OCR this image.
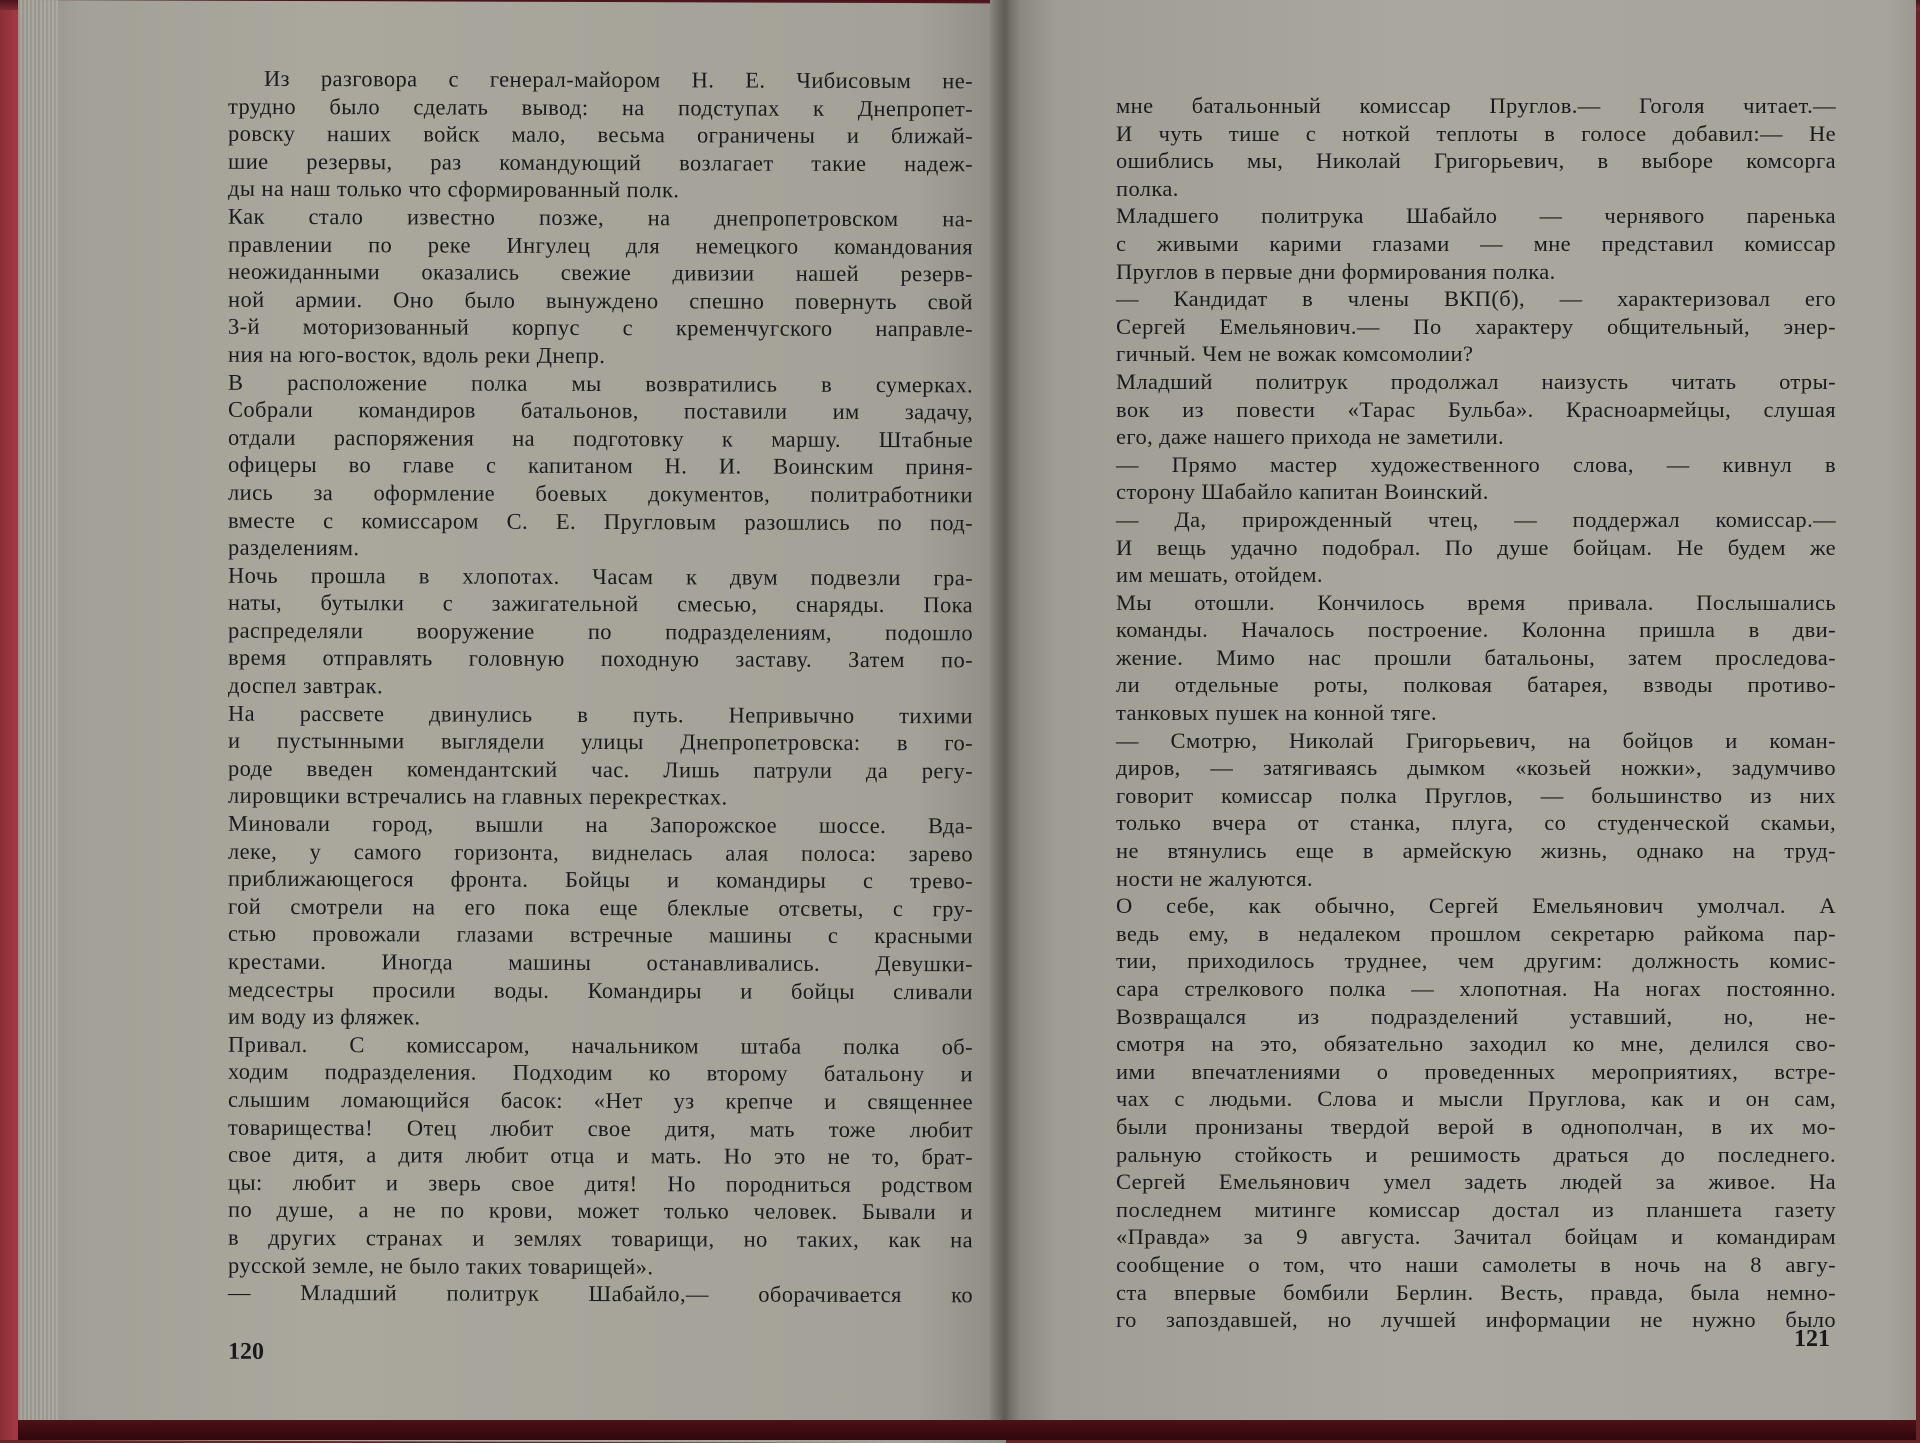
Из разговора с генерал-майором Н. Е. Чибисовым не-

трудно было сделать вывод: на подступах к Днепропет-

ровску наших войск мало, весьма ограничены и ближай-

шие резервы, раз командующий возлагает такие надеж-

ды на наш только что сформированный полк.

Как стало известно позже, на днепропетровском на-

правлении по реке Ингулец для немецкого командования

неожиданными оказались свежие дивизии нашей резерв-

ной армии. Оно было вынуждено спешно повернуть свой

3-й моторизованный корпус с кременчугского направле-

ния на юго-восток, вдоль реки Днепр.

В расположение полка мы возвратились в сумерках.

Собрали командиров батальонов, поставили им задачу,

отдали распоряжения на подготовку к маршу. Штабные

офицеры во главе с капитаном Н. И. Воинским приня-

лись за оформление боевых документов, политработники

вместе с комиссаром С. Е. Пругловым разошлись по под-

разделениям.

Ночь прошла в хлопотах. Часам к двум подвезли гра-

наты, бутылки с зажигательной смесью, снаряды. Пока

распределяли вооружение по подразделениям, подошло

время отправлять головную походную заставу. Затем по-

доспел завтрак.

На рассвете двинулись в путь. Непривычно тихими

и пустынными выглядели улицы Днепропетровска: в го-

роде введен комендантский час. Лишь патрули да регу-

лировщики встречались на главных перекрестках.

Миновали город, вышли на Запорожское шоссе. Вда-

леке, у самого горизонта, виднелась алая полоса: зарево

приближающегося фронта. Бойцы и командиры с трево-

гой смотрели на его пока еще блеклые отсветы, с гру-

стью провожали глазами встречные машины с красными

крестами. Иногда машины останавливались. Девушки-

медсестры просили воды. Командиры и бойцы сливали

им воду из фляжек.

Привал. С комиссаром, начальником штаба полка об-

ходим подразделения. Подходим ко второму батальону и

слышим ломающийся басок: «Нет уз крепче и священнее

товарищества! Отец любит свое дитя, мать тоже любит

свое дитя, а дитя любит отца и мать. Но это не то, брат-

цы: любит и зверь свое дитя! Но породниться родством

по душе, а не по крови, может только человек. Бывали и

в других странах и землях товарищи, но таких, как на

русской земле, не было таких товарищей».

— Младший политрук Шабайло,— оборачивается ко

120

мне батальонный комиссар Пруглов.— Гоголя читает.—

И чуть тише с ноткой теплоты в голосе добавил:— Не

ошиблись мы, Николай Григорьевич, в выборе комсорга

полка.

Младшего политрука Шабайло — чернявого паренька

с живыми карими глазами — мне представил комиссар

Пруглов в первые дни формирования полка.

— Кандидат в члены ВКП(б), — характеризовал его

Сергей Емельянович.— По характеру общительный, энер-

гичный. Чем не вожак комсомолии?

Младший политрук продолжал наизусть читать отры-

вок из повести «Тарас Бульба». Красноармейцы, слушая

его, даже нашего прихода не заметили.

— Прямо мастер художественного слова, — кивнул в

сторону Шабайло капитан Воинский.

— Да, прирожденный чтец, — поддержал комиссар.—

И вещь удачно подобрал. По душе бойцам. Не будем же

им мешать, отойдем.

Мы отошли. Кончилось время привала. Послышались

команды. Началось построение. Колонна пришла в дви-

жение. Мимо нас прошли батальоны, затем проследова-

ли отдельные роты, полковая батарея, взводы противо-

танковых пушек на конной тяге.

— Смотрю, Николай Григорьевич, на бойцов и коман-

диров, — затягиваясь дымком «козьей ножки», задумчиво

говорит комиссар полка Пруглов, — большинство из них

только вчера от станка, плуга, со студенческой скамьи,

не втянулись еще в армейскую жизнь, однако на труд-

ности не жалуются.

О себе, как обычно, Сергей Емельянович умолчал. А

ведь ему, в недалеком прошлом секретарю райкома пар-

тии, приходилось труднее, чем другим: должность комис-

сара стрелкового полка — хлопотная. На ногах постоянно.

Возвращался из подразделений уставший, но, не-

смотря на это, обязательно заходил ко мне, делился сво-

ими впечатлениями о проведенных мероприятиях, встре-

чах с людьми. Слова и мысли Пруглова, как и он сам,

были пронизаны твердой верой в однополчан, в их мо-

ральную стойкость и решимость драться до последнего.

Сергей Емельянович умел задеть людей за живое. На

последнем митинге комиссар достал из планшета газету

«Правда» за 9 августа. Зачитал бойцам и командирам

сообщение о том, что наши самолеты в ночь на 8 авгу-

ста впервые бомбили Берлин. Весть, правда, была немно-

го запоздавшей, но лучшей информации не нужно было

121
